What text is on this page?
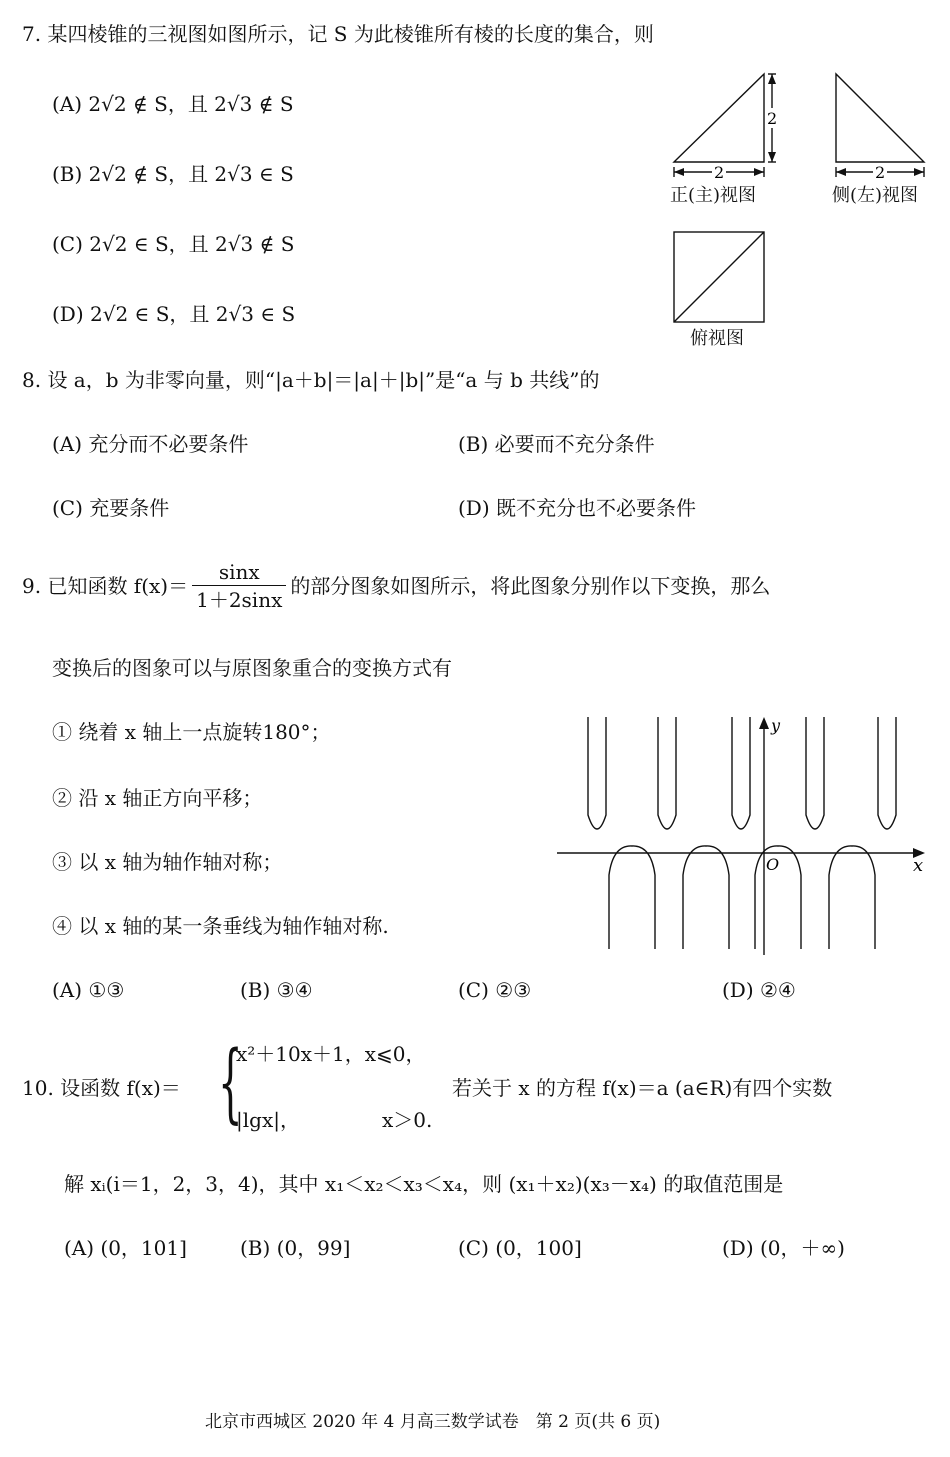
7. 某四棱锥的三视图如图所示，记 S 为此棱锥所有棱的长度的集合，则
(A) 2√2 ∉ S，且 2√3 ∉ S
(B) 2√2 ∉ S，且 2√3 ∈ S
(C) 2√2 ∈ S，且 2√3 ∉ S
(D) 2√2 ∈ S，且 2√3 ∈ S
2
2	2
正(主)视图	侧(左)视图
俯视图
8. 设 a，b 为非零向量，则“|a＋b|＝|a|＋|b|”是“a 与 b 共线”的
(A) 充分而不必要条件	(B) 必要而不充分条件
(C) 充要条件	(D) 既不充分也不必要条件
9. 已知函数 $f(x)= \frac{\sin x}{1+2\sin x}$ 的部分图象如图所示，将此图象分别作以下变换，那么
变换后的图象可以与原图象重合的变换方式有
① 绕着 x 轴上一点旋转180°；
② 沿 x 轴正方向平移；
③ 以 x 轴为轴作轴对称；
④ 以 x 轴的某一条垂线为轴作轴对称.
(A) ①③	(B) ③④	(C) ②③	(D) ②④
y
x
O
10. 设函数 f(x)＝ {
x²＋10x＋1，x⩽0，
|lgx|，	x＞0.
若关于 x 的方程 f(x)＝a (a∈R)有四个实数
解 xᵢ(i＝1，2，3，4)，其中 x₁＜x₂＜x₃＜x₄，则 (x₁＋x₂)(x₃－x₄) 的取值范围是
(A) (0，101]	(B) (0，99]	(C) (0，100]	(D) (0，＋∞)
北京市西城区 2020 年 4 月高三数学试卷　第 2 页(共 6 页)
